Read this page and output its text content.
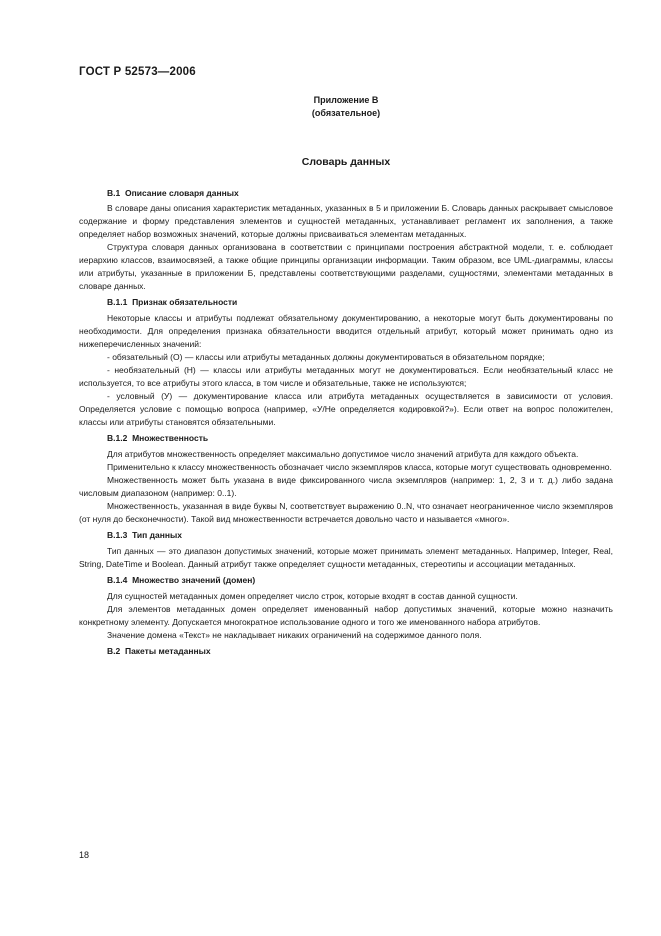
ГОСТ Р 52573—2006
Приложение В
(обязательное)
Словарь данных
В.1 Описание словаря данных

В словаре даны описания характеристик метаданных, указанных в 5 и приложении Б. Словарь данных раскрывает смысловое содержание и форму представления элементов и сущностей метаданных, устанавливает регламент их заполнения, а также определяет набор возможных значений, которые должны присваиваться элементам метаданных.

Структура словаря данных организована в соответствии с принципами построения абстрактной модели, т. е. соблюдает иерархию классов, взаимосвязей, а также общие принципы организации информации. Таким образом, все UML-диаграммы, классы или атрибуты, указанные в приложении Б, представлены соответствующими разделами, сущностями, элементами метаданных в словаре данных.

В.1.1 Признак обязательности

Некоторые классы и атрибуты подлежат обязательному документированию, а некоторые могут быть документированы по необходимости. Для определения признака обязательности вводится отдельный атрибут, который может принимать одно из нижеперечисленных значений:

- обязательный (О) — классы или атрибуты метаданных должны документироваться в обязательном порядке;

- необязательный (Н) — классы или атрибуты метаданных могут не документироваться. Если необязательный класс не используется, то все атрибуты этого класса, в том числе и обязательные, также не используются;

- условный (У) — документирование класса или атрибута метаданных осуществляется в зависимости от условия. Определяется условие с помощью вопроса (например, «У/Не определяется кодировкой?»). Если ответ на вопрос положителен, классы или атрибуты становятся обязательными.

В.1.2 Множественность

Для атрибутов множественность определяет максимально допустимое число значений атрибута для каждого объекта.

Применительно к классу множественность обозначает число экземпляров класса, которые могут существовать одновременно.

Множественность может быть указана в виде фиксированного числа экземпляров (например: 1, 2, 3 и т. д.) либо задана числовым диапазоном (например: 0..1).

Множественность, указанная в виде буквы N, соответствует выражению 0..N, что означает неограниченное число экземпляров (от нуля до бесконечности). Такой вид множественности встречается довольно часто и называется «много».

В.1.3 Тип данных

Тип данных — это диапазон допустимых значений, которые может принимать элемент метаданных. Например, Integer, Real, String, DateTime и Boolean. Данный атрибут также определяет сущности метаданных, стереотипы и ассоциации метаданных.

В.1.4 Множество значений (домен)

Для сущностей метаданных домен определяет число строк, которые входят в состав данной сущности.

Для элементов метаданных домен определяет именованный набор допустимых значений, которые можно назначить конкретному элементу. Допускается многократное использование одного и того же именованного набора атрибутов.

Значение домена «Текст» не накладывает никаких ограничений на содержимое данного поля.

В.2 Пакеты метаданных
18
